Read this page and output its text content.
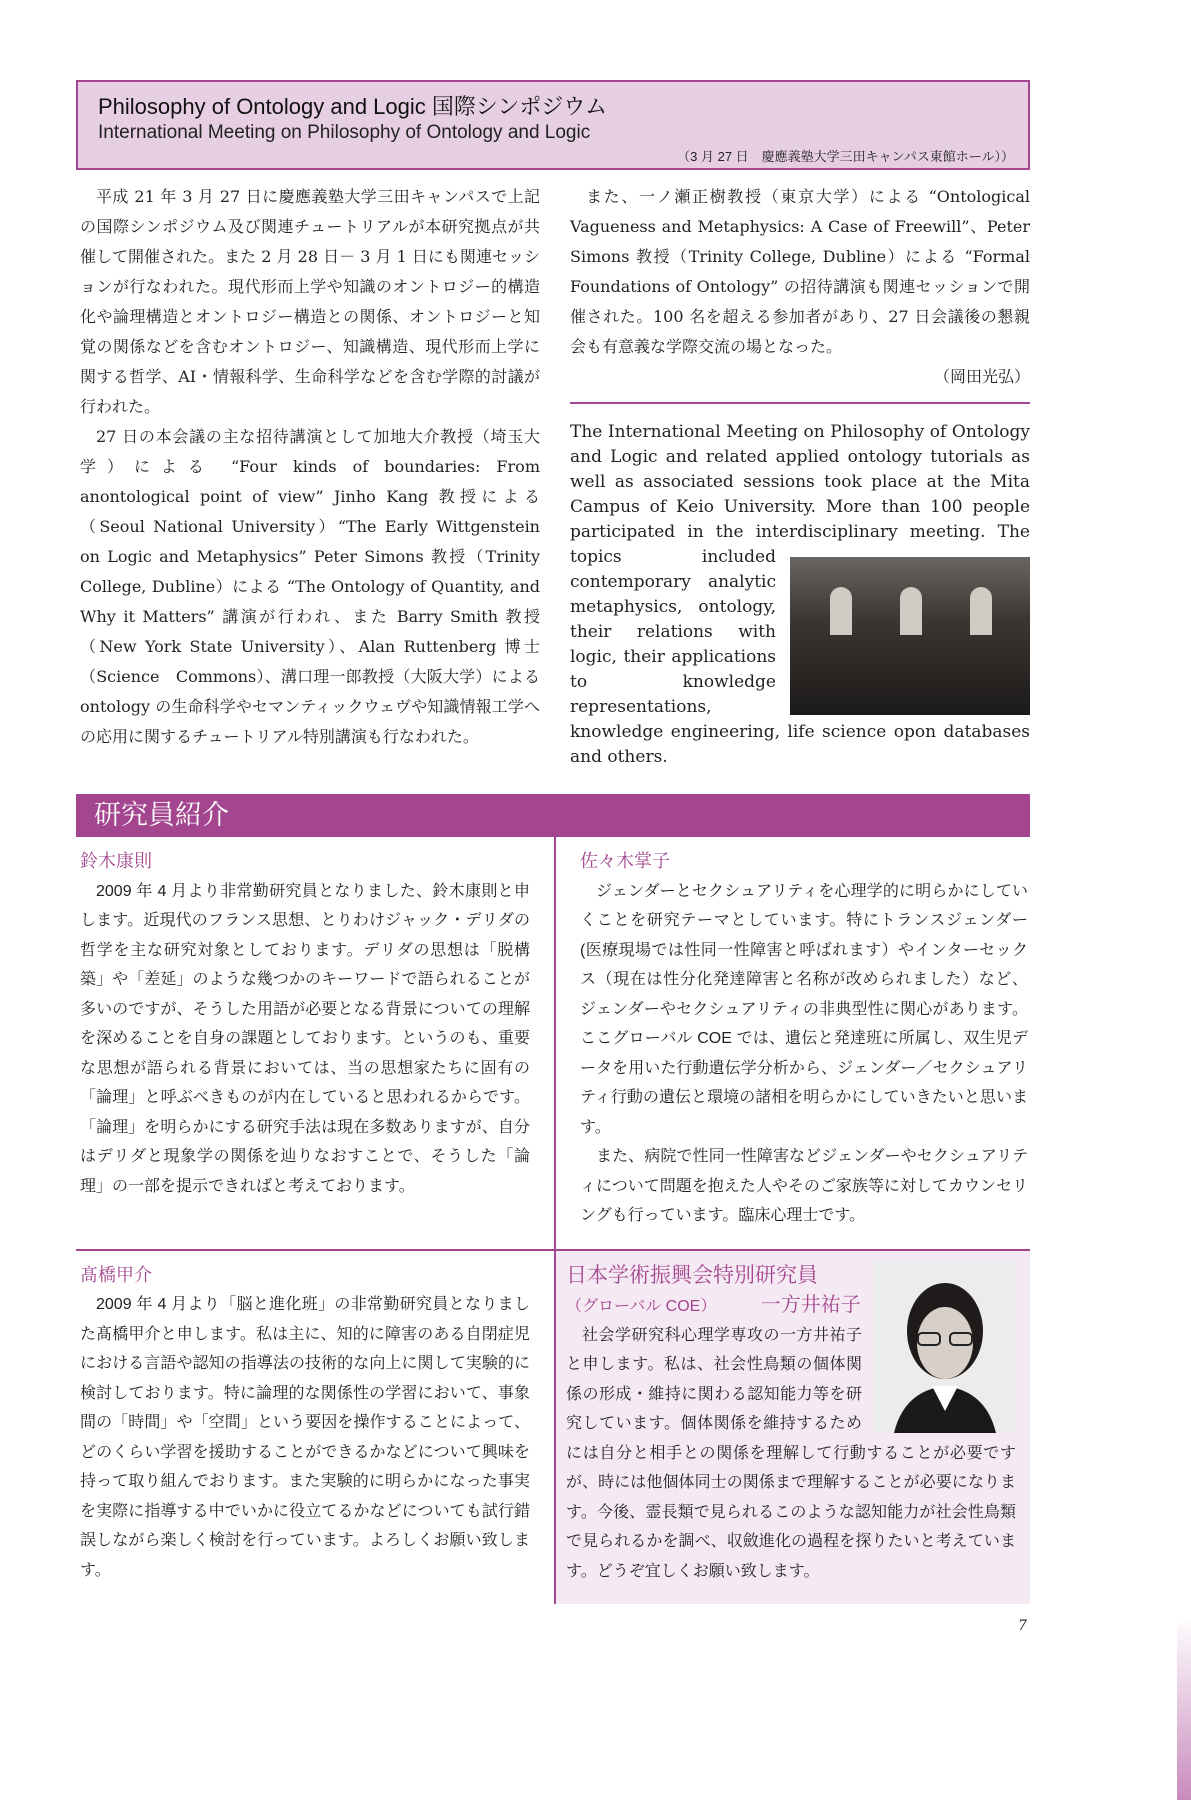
Philosophy of Ontology and Logic 国際シンポジウム
International Meeting on Philosophy of Ontology and Logic
（3 月 27 日　慶應義塾大学三田キャンパス東館ホール））

平成 21 年 3 月 27 日に慶應義塾大学三田キャンパスで上記の国際シンポジウム及び関連チュートリアルが本研究拠点が共催して開催された。また 2 月 28 日－ 3 月 1 日にも関連セッションが行なわれた。現代形而上学や知識のオントロジー的構造化や論理構造とオントロジー構造との関係、オントロジーと知覚の関係などを含むオントロジー、知識構造、現代形而上学に関する哲学、AI・情報科学、生命科学などを含む学際的討議が行われた。

27 日の本会議の主な招待講演として加地大介教授（埼玉大学）による “Four kinds of boundaries: From anontological point of view” Jinho Kang 教授による（Seoul National University）“The Early Wittgenstein on Logic and Metaphysics” Peter Simons 教授（Trinity College, Dubline）による “The Ontology of Quantity, and Why it Matters” 講演が行われ、また Barry Smith 教授（New York State University）、Alan Ruttenberg 博士（Science　Commons）、溝口理一郎教授（大阪大学）による ontology の生命科学やセマンティックウェヴや知識情報工学への応用に関するチュートリアル特別講演も行なわれた。

また、一ノ瀬正樹教授（東京大学）による “Ontological Vagueness and Metaphysics: A Case of Freewill”、Peter Simons 教授（Trinity College, Dubline）による “Formal Foundations of Ontology” の招待講演も関連セッションで開催された。100 名を超える参加者があり、27 日会議後の懇親会も有意義な学際交流の場となった。

（岡田光弘）
The International Meeting on Philosophy of Ontology and Logic and related applied ontology tutorials as well as associated sessions took place at the Mita Campus of Keio University. More than 100 people participated in the interdisciplinary meeting. The topics included contemporary analytic metaphysics, ontology, their relations with logic, their applications to knowledge representations, knowledge engineering, life science opon databases and others.
研究員紹介

鈴木康則

2009 年 4 月より非常勤研究員となりました、鈴木康則と申します。近現代のフランス思想、とりわけジャック・デリダの哲学を主な研究対象としております。デリダの思想は「脱構築」や「差延」のような幾つかのキーワードで語られることが多いのですが、そうした用語が必要となる背景についての理解を深めることを自身の課題としております。というのも、重要な思想が語られる背景においては、当の思想家たちに固有の「論理」と呼ぶべきものが内在していると思われるからです。「論理」を明らかにする研究手法は現在多数ありますが、自分はデリダと現象学の関係を辿りなおすことで、そうした「論理」の一部を提示できればと考えております。

佐々木掌子

ジェンダーとセクシュアリティを心理学的に明らかにしていくことを研究テーマとしています。特にトランスジェンダー(医療現場では性同一性障害と呼ばれます）やインターセックス（現在は性分化発達障害と名称が改められました）など、ジェンダーやセクシュアリティの非典型性に関心があります。ここグローバル COE では、遺伝と発達班に所属し、双生児データを用いた行動遺伝学分析から、ジェンダー／セクシュアリティ行動の遺伝と環境の諸相を明らかにしていきたいと思います。

また、病院で性同一性障害などジェンダーやセクシュアリティについて問題を抱えた人やそのご家族等に対してカウンセリングも行っています。臨床心理士です。

髙橋甲介

2009 年 4 月より「脳と進化班」の非常勤研究員となりました髙橋甲介と申します。私は主に、知的に障害のある自閉症児における言語や認知の指導法の技術的な向上に関して実験的に検討しております。特に論理的な関係性の学習において、事象間の「時間」や「空間」という要因を操作することによって、どのくらい学習を援助することができるかなどについて興味を持って取り組んでおります。また実験的に明らかになった事実を実際に指導する中でいかに役立てるかなどについても試行錯誤しながら楽しく検討を行っています。よろしくお願い致します。

日本学術振興会特別研究員
（グローバル COE） 一方井祐子

社会学研究科心理学専攻の一方井祐子と申します。私は、社会性鳥類の個体関係の形成・維持に関わる認知能力等を研究しています。個体関係を維持するためには自分と相手との関係を理解して行動することが必要ですが、時には他個体同士の関係まで理解することが必要になります。今後、霊長類で見られるこのような認知能力が社会性鳥類で見られるかを調べ、収斂進化の過程を探りたいと考えています。どうぞ宜しくお願い致します。

7
